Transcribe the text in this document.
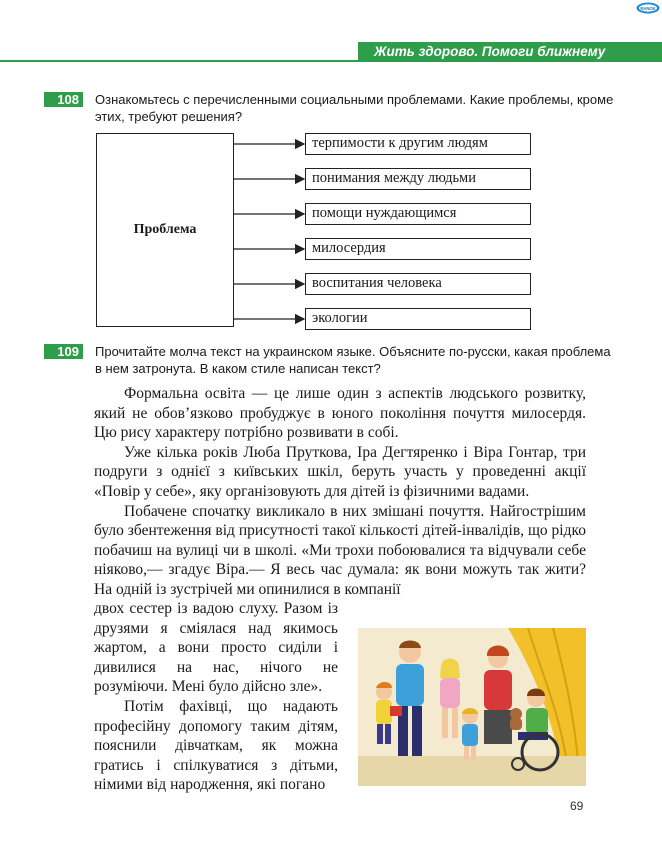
RANOK
Жить здорово. Помоги ближнему
108	Ознакомьтесь с перечисленными социальными проблемами. Какие проблемы, кроме этих, требуют решения?
Проблема
терпимости к другим людям
понимания между людьми
помощи нуждающимся
милосердия
воспитания человека
экологии
109	Прочитайте молча текст на украинском языке. Объясните по-русски, какая проблема в нем затронута. В каком стиле написан текст?

Формальна освіта — це лише один з аспектів людського розвитку, який не обов’язково пробуджує в юного покоління почуття милосердя. Цю рису характеру потрібно розвивати в собі.

Уже кілька років Люба Пруткова, Іра Дегтяренко і Віра Гонтар, три подруги з однієї з київських шкіл, беруть участь у проведенні акції «Повір у себе», яку організовують для дітей із фізичними вадами.

Побачене спочатку викликало в них змішані почуття. Найгострішим було збентеження від присутності такої кількості дітей-інвалідів, що рідко побачиш на вулиці чи в школі. «Ми трохи побоювалися та відчували себе ніяково,— згадує Віра.— Я весь час думала: як вони можуть так жити? На одній із зустрічей ми опинилися в компанії

двох сестер із вадою слуху. Разом із друзями я сміялася над якимось жартом, а вони просто сиділи і дивилися на нас, нічого не розуміючи. Мені було дійсно зле».

Потім фахівці, що надають професійну допомогу таким дітям, пояснили дівчаткам, як можна гратись і спілкуватися з дітьми, німими від народження, які погано

69
